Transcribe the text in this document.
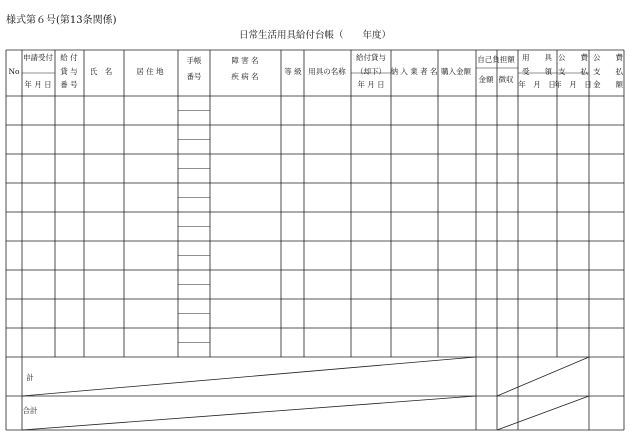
様式第６号(第13条関係)
日常生活用具給付台帳（　　年度）
No
申請受付
年 月 日
給 付
貸 与
番 号
氏　名	居 住 地
手帳
番号
障 害 名
疾 病 名
等 級 用具の名称
給付貸与
（却下）
年 月 日
納 入 業 者 名 購入金額
自己負担額
金額 徴収
用　　具
受　　領
年　月　日
公　　費
支　　払
年　月　日
公　　費
支　　払
金　　額
計
合計
